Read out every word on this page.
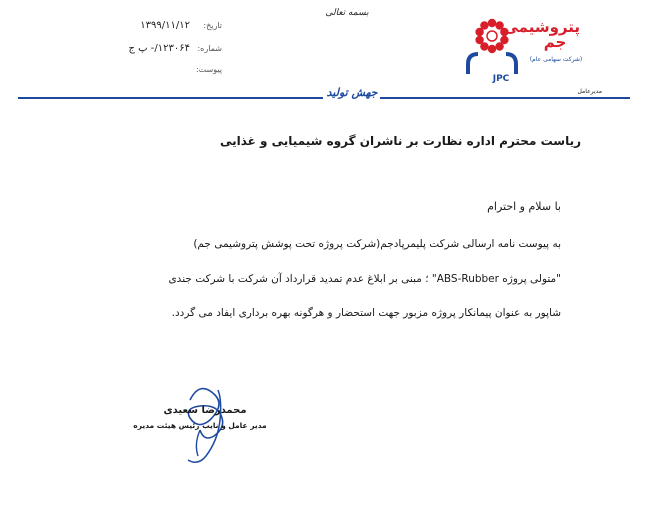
۱۳۹۹/۱۱/۱۲	تاریخ:
۱۲۳۰۶۴/- پ ج شماره:
پیوست:
بسمه تعالی
پتروشیمی جم
(شرکت سهامی عام)
JPC
مدیرعامل
جهش تولید
ریاست محترم اداره نظارت بر ناشران گروه شیمیایی و غذایی
با سلام و احترام
به پیوست نامه ارسالی شرکت پلیمرپادجم(شرکت پروژه تحت پوشش پتروشیمی جم)
"متولی پروژه ABS-Rubber" ؛ مبنی بر ابلاغ عدم تمدید قرارداد آن شرکت با شرکت جندی
شاپور به عنوان پیمانکار پروژه مزبور جهت استحضار و هرگونه بهره برداری ایفاد می گردد.
محمدرضا سعیدی
مدیر عامل و نایب رئیس هیئت مدیره
